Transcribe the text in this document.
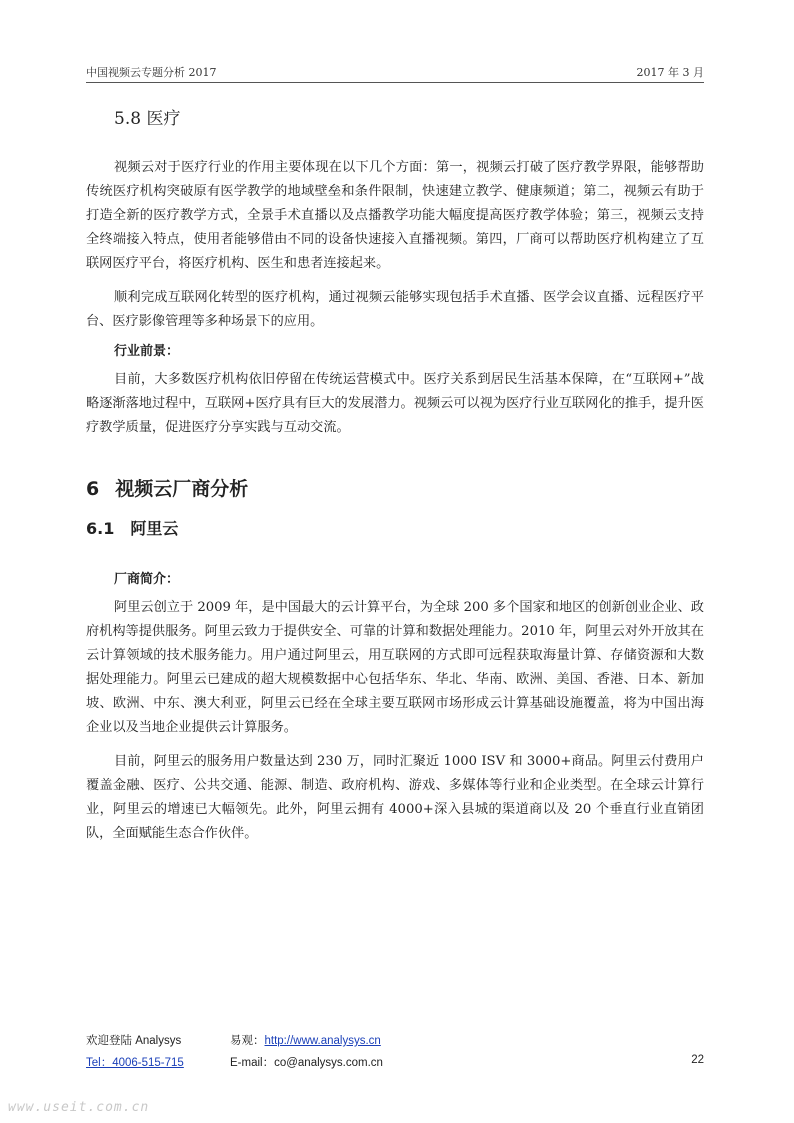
中国视频云专题分析 2017	2017 年 3 月
5.8 医疗

视频云对于医疗行业的作用主要体现在以下几个方面：第一，视频云打破了医疗教学界限，能够帮助传统医疗机构突破原有医学教学的地域壁垒和条件限制，快速建立教学、健康频道；第二，视频云有助于打造全新的医疗教学方式，全景手术直播以及点播教学功能大幅度提高医疗教学体验；第三，视频云支持全终端接入特点，使用者能够借由不同的设备快速接入直播视频。第四，厂商可以帮助医疗机构建立了互联网医疗平台，将医疗机构、医生和患者连接起来。

顺利完成互联网化转型的医疗机构，通过视频云能够实现包括手术直播、医学会议直播、远程医疗平台、医疗影像管理等多种场景下的应用。

行业前景：

目前，大多数医疗机构依旧停留在传统运营模式中。医疗关系到居民生活基本保障，在“互联网+”战略逐渐落地过程中，互联网+医疗具有巨大的发展潜力。视频云可以视为医疗行业互联网化的推手，提升医疗教学质量，促进医疗分享实践与互动交流。

6 视频云厂商分析
6.1 阿里云
厂商简介：

阿里云创立于 2009 年，是中国最大的云计算平台，为全球 200 多个国家和地区的创新创业企业、政府机构等提供服务。阿里云致力于提供安全、可靠的计算和数据处理能力。2010 年，阿里云对外开放其在云计算领域的技术服务能力。用户通过阿里云，用互联网的方式即可远程获取海量计算、存储资源和大数据处理能力。阿里云已建成的超大规模数据中心包括华东、华北、华南、欧洲、美国、香港、日本、新加坡、欧洲、中东、澳大利亚，阿里云已经在全球主要互联网市场形成云计算基础设施覆盖，将为中国出海企业以及当地企业提供云计算服务。

目前，阿里云的服务用户数量达到 230 万，同时汇聚近 1000 ISV 和 3000+商品。阿里云付费用户覆盖金融、医疗、公共交通、能源、制造、政府机构、游戏、多媒体等行业和企业类型。在全球云计算行业，阿里云的增速已大幅领先。此外，阿里云拥有 4000+深入县城的渠道商以及 20 个垂直行业直销团队，全面赋能生态合作伙伴。

欢迎登陆 Analysys	易观：http://www.analysys.cn
Tel：4006-515-715	E-mail：co@analysys.com.cn	22
www.useit.com.cn
